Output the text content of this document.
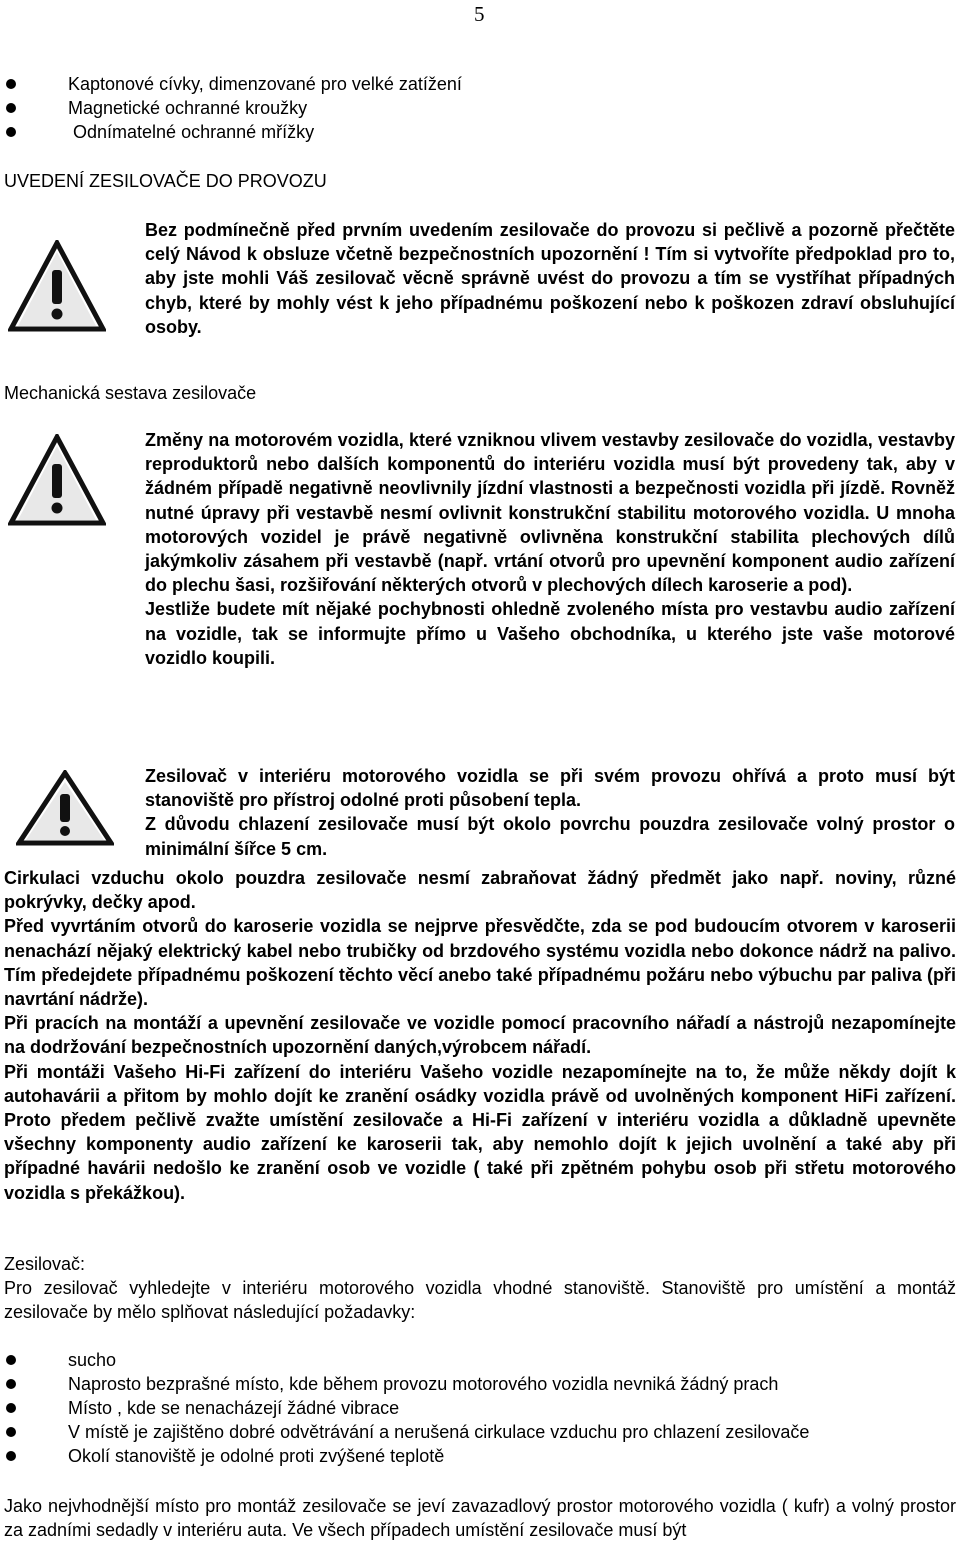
5
Kaptonové cívky, dimenzované pro velké zatížení
Magnetické ochranné kroužky
Odnímatelné ochranné mřížky
UVEDENÍ ZESILOVAČE DO PROVOZU
Bez podmínečně před prvním uvedením zesilovače do provozu si pečlivě a pozorně přečtěte celý Návod k obsluze včetně bezpečnostních upozornění ! Tím si vytvoříte předpoklad pro to, aby jste mohli Váš zesilovač věcně správně uvést do provozu a tím se vystříhat případných chyb, které by mohly vést k jeho případnému poškození nebo k poškozen zdraví obsluhující osoby.
Mechanická sestava zesilovače

Změny na motorovém vozidla, které vzniknou vlivem vestavby zesilovače do vozidla, vestavby reproduktorů nebo dalších komponentů do interiéru vozidla musí být provedeny tak, aby v žádném případě negativně neovlivnily jízdní vlastnosti a bezpečnosti vozidla při jízdě. Rovněž nutné úpravy při vestavbě nesmí ovlivnit konstrukční stabilitu motorového vozidla. U mnoha motorových vozidel je právě negativně ovlivněna konstrukční stabilita plechových dílů jakýmkoliv zásahem při vestavbě (např. vrtání otvorů pro upevnění komponent audio zařízení do plechu šasi, rozšiřování některých otvorů v plechových dílech karoserie a pod).

Jestliže budete mít nějaké pochybnosti ohledně zvoleného místa pro vestavbu audio zařízení na vozidle, tak se informujte přímo u Vašeho obchodníka, u kterého jste vaše motorové vozidlo koupili.

Zesilovač v interiéru motorového vozidla se při svém provozu ohřívá a proto musí být stanoviště pro přístroj odolné proti působení tepla.

Z důvodu chlazení zesilovače musí být okolo povrchu pouzdra zesilovače volný prostor o minimální šířce 5 cm.

Cirkulaci vzduchu okolo pouzdra zesilovače nesmí zabraňovat žádný předmět jako např. noviny, různé pokrývky, dečky apod.

Před vyvrtáním otvorů do karoserie vozidla se nejprve přesvědčte, zda se pod budoucím otvorem v karoserii nenachází nějaký elektrický kabel nebo trubičky od brzdového systému vozidla nebo dokonce nádrž na palivo. Tím předejdete případnému poškození těchto věcí anebo také případnému požáru nebo výbuchu par paliva (při navrtání nádrže).

Při pracích na montáží a upevnění zesilovače ve vozidle pomocí pracovního nářadí a nástrojů nezapomínejte na dodržování bezpečnostních upozornění daných,výrobcem nářadí.

Při montáži Vašeho Hi-Fi zařízení do interiéru Vašeho vozidle nezapomínejte na to, že může někdy dojít k autohavárii a přitom by mohlo dojít ke zranění osádky vozidla právě od uvolněných komponent HiFi zařízení. Proto předem pečlivě zvažte umístění zesilovače a Hi-Fi zařízení v interiéru vozidla a důkladně upevněte všechny komponenty audio zařízení ke karoserii tak, aby nemohlo dojít k jejich uvolnění a také aby při případné havárii nedošlo ke zranění osob ve vozidle ( také při zpětném pohybu osob při střetu motorového vozidla s překážkou).

Zesilovač:
Pro zesilovač vyhledejte v interiéru motorového vozidla vhodné stanoviště. Stanoviště pro umístění a montáž zesilovače by mělo splňovat následující požadavky:
sucho
Naprosto bezprašné místo, kde během provozu motorového vozidla nevniká žádný prach
Místo , kde se nenacházejí žádné vibrace
V místě je zajištěno dobré odvětrávání a nerušená cirkulace vzduchu pro chlazení zesilovače
Okolí stanoviště je odolné proti zvýšené teplotě
Jako nejvhodnější místo pro montáž zesilovače se jeví zavazadlový prostor motorového vozidla ( kufr) a volný prostor za zadními sedadly v interiéru auta. Ve všech případech umístění zesilovače musí být
